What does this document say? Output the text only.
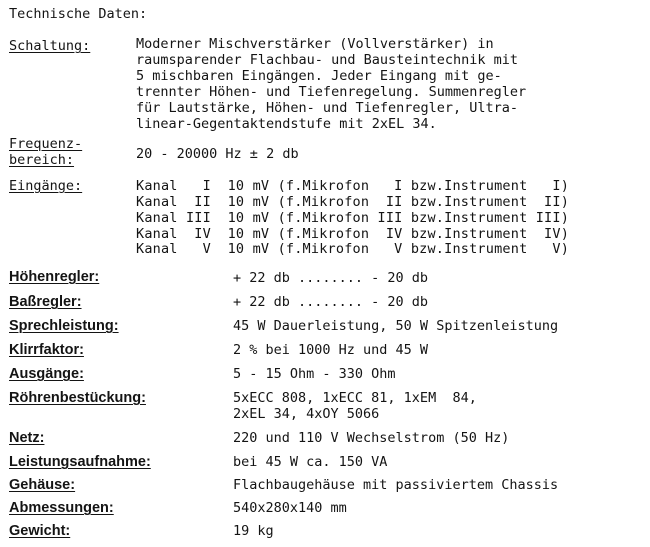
Technische Daten:
Schaltung:	Moderner Mischverstärker (Vollverstärker) in
raumsparender Flachbau- und Bausteintechnik mit
5 mischbaren Eingängen. Jeder Eingang mit ge-
trennter Höhen- und Tiefenregelung. Summenregler
für Lautstärke, Höhen- und Tiefenregler, Ultra-
linear-Gegentaktendstufe mit 2xEL 34.
Frequenz-
bereich:	20 - 20000 Hz ± 2 db
Eingänge:	Kanal   I  10 mV (f.Mikrofon   I bzw.Instrument   I)
Kanal  II  10 mV (f.Mikrofon  II bzw.Instrument  II)
Kanal III  10 mV (f.Mikrofon III bzw.Instrument III)
Kanal  IV  10 mV (f.Mikrofon  IV bzw.Instrument  IV)
Kanal   V  10 mV (f.Mikrofon   V bzw.Instrument   V)
Höhenregler:	+ 22 db ........ - 20 db
Baßregler:	+ 22 db ........ - 20 db
Sprechleistung:	45 W Dauerleistung, 50 W Spitzenleistung
Klirrfaktor:	2 % bei 1000 Hz und 45 W
Ausgänge:	5 - 15 Ohm - 330 Ohm
Röhrenbestückung:	5xECC 808, 1xECC 81, 1xEM  84,
2xEL 34, 4xOY 5066
Netz:	220 und 110 V Wechselstrom (50 Hz)
Leistungsaufnahme:	bei 45 W ca. 150 VA
Gehäuse:	Flachbaugehäuse mit passiviertem Chassis
Abmessungen:	540x280x140 mm
Gewicht:	19 kg
